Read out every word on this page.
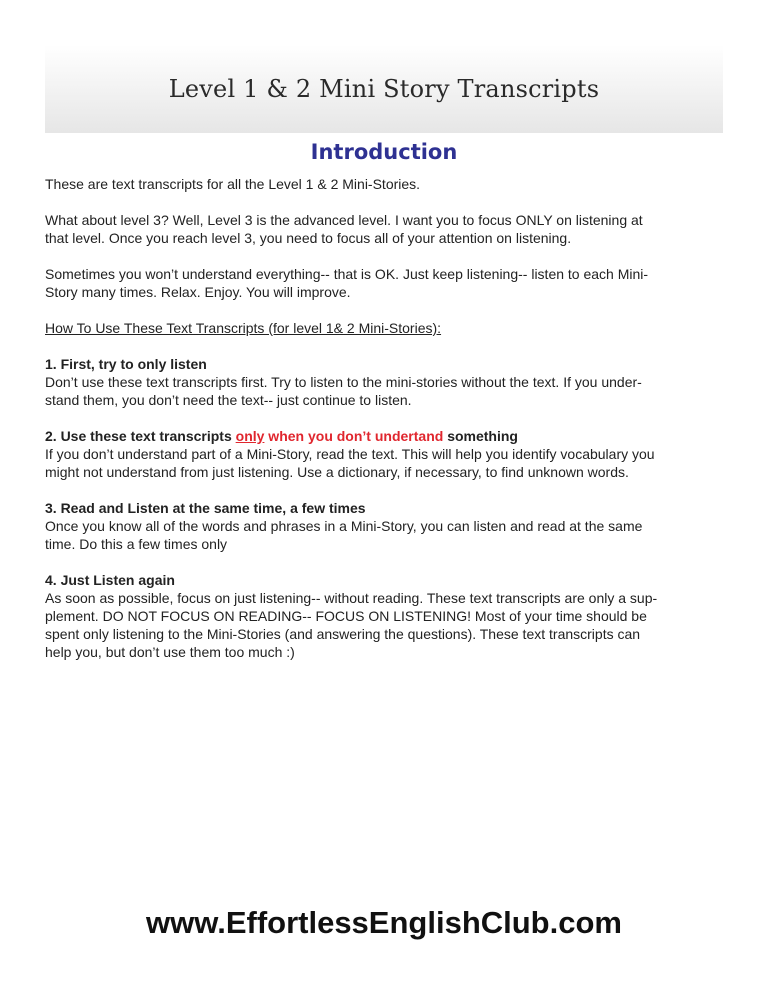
Level 1 & 2 Mini Story Transcripts
Introduction

These are text transcripts for all the Level 1 & 2 Mini-Stories.

What about level 3? Well, Level 3 is the advanced level. I want you to focus ONLY on listening at
that level. Once you reach level 3, you need to focus all of your attention on listening.

Sometimes you won’t understand everything-- that is OK. Just keep listening-- listen to each Mini-
Story many times. Relax. Enjoy. You will improve.

How To Use These Text Transcripts (for level 1& 2 Mini-Stories):

1. First, try to only listen
Don’t use these text transcripts first. Try to listen to the mini-stories without the text. If you under-
stand them, you don’t need the text-- just continue to listen.

2. Use these text transcripts only when you don’t undertand something
If you don’t understand part of a Mini-Story, read the text. This will help you identify vocabulary you
might not understand from just listening. Use a dictionary, if necessary, to find unknown words.

3. Read and Listen at the same time, a few times
Once you know all of the words and phrases in a Mini-Story, you can listen and read at the same
time. Do this a few times only

4. Just Listen again
As soon as possible, focus on just listening-- without reading. These text transcripts are only a sup-
plement. DO NOT FOCUS ON READING-- FOCUS ON LISTENING! Most of your time should be
spent only listening to the Mini-Stories (and answering the questions). These text transcripts can
help you, but don’t use them too much :)

www.EffortlessEnglishClub.com
